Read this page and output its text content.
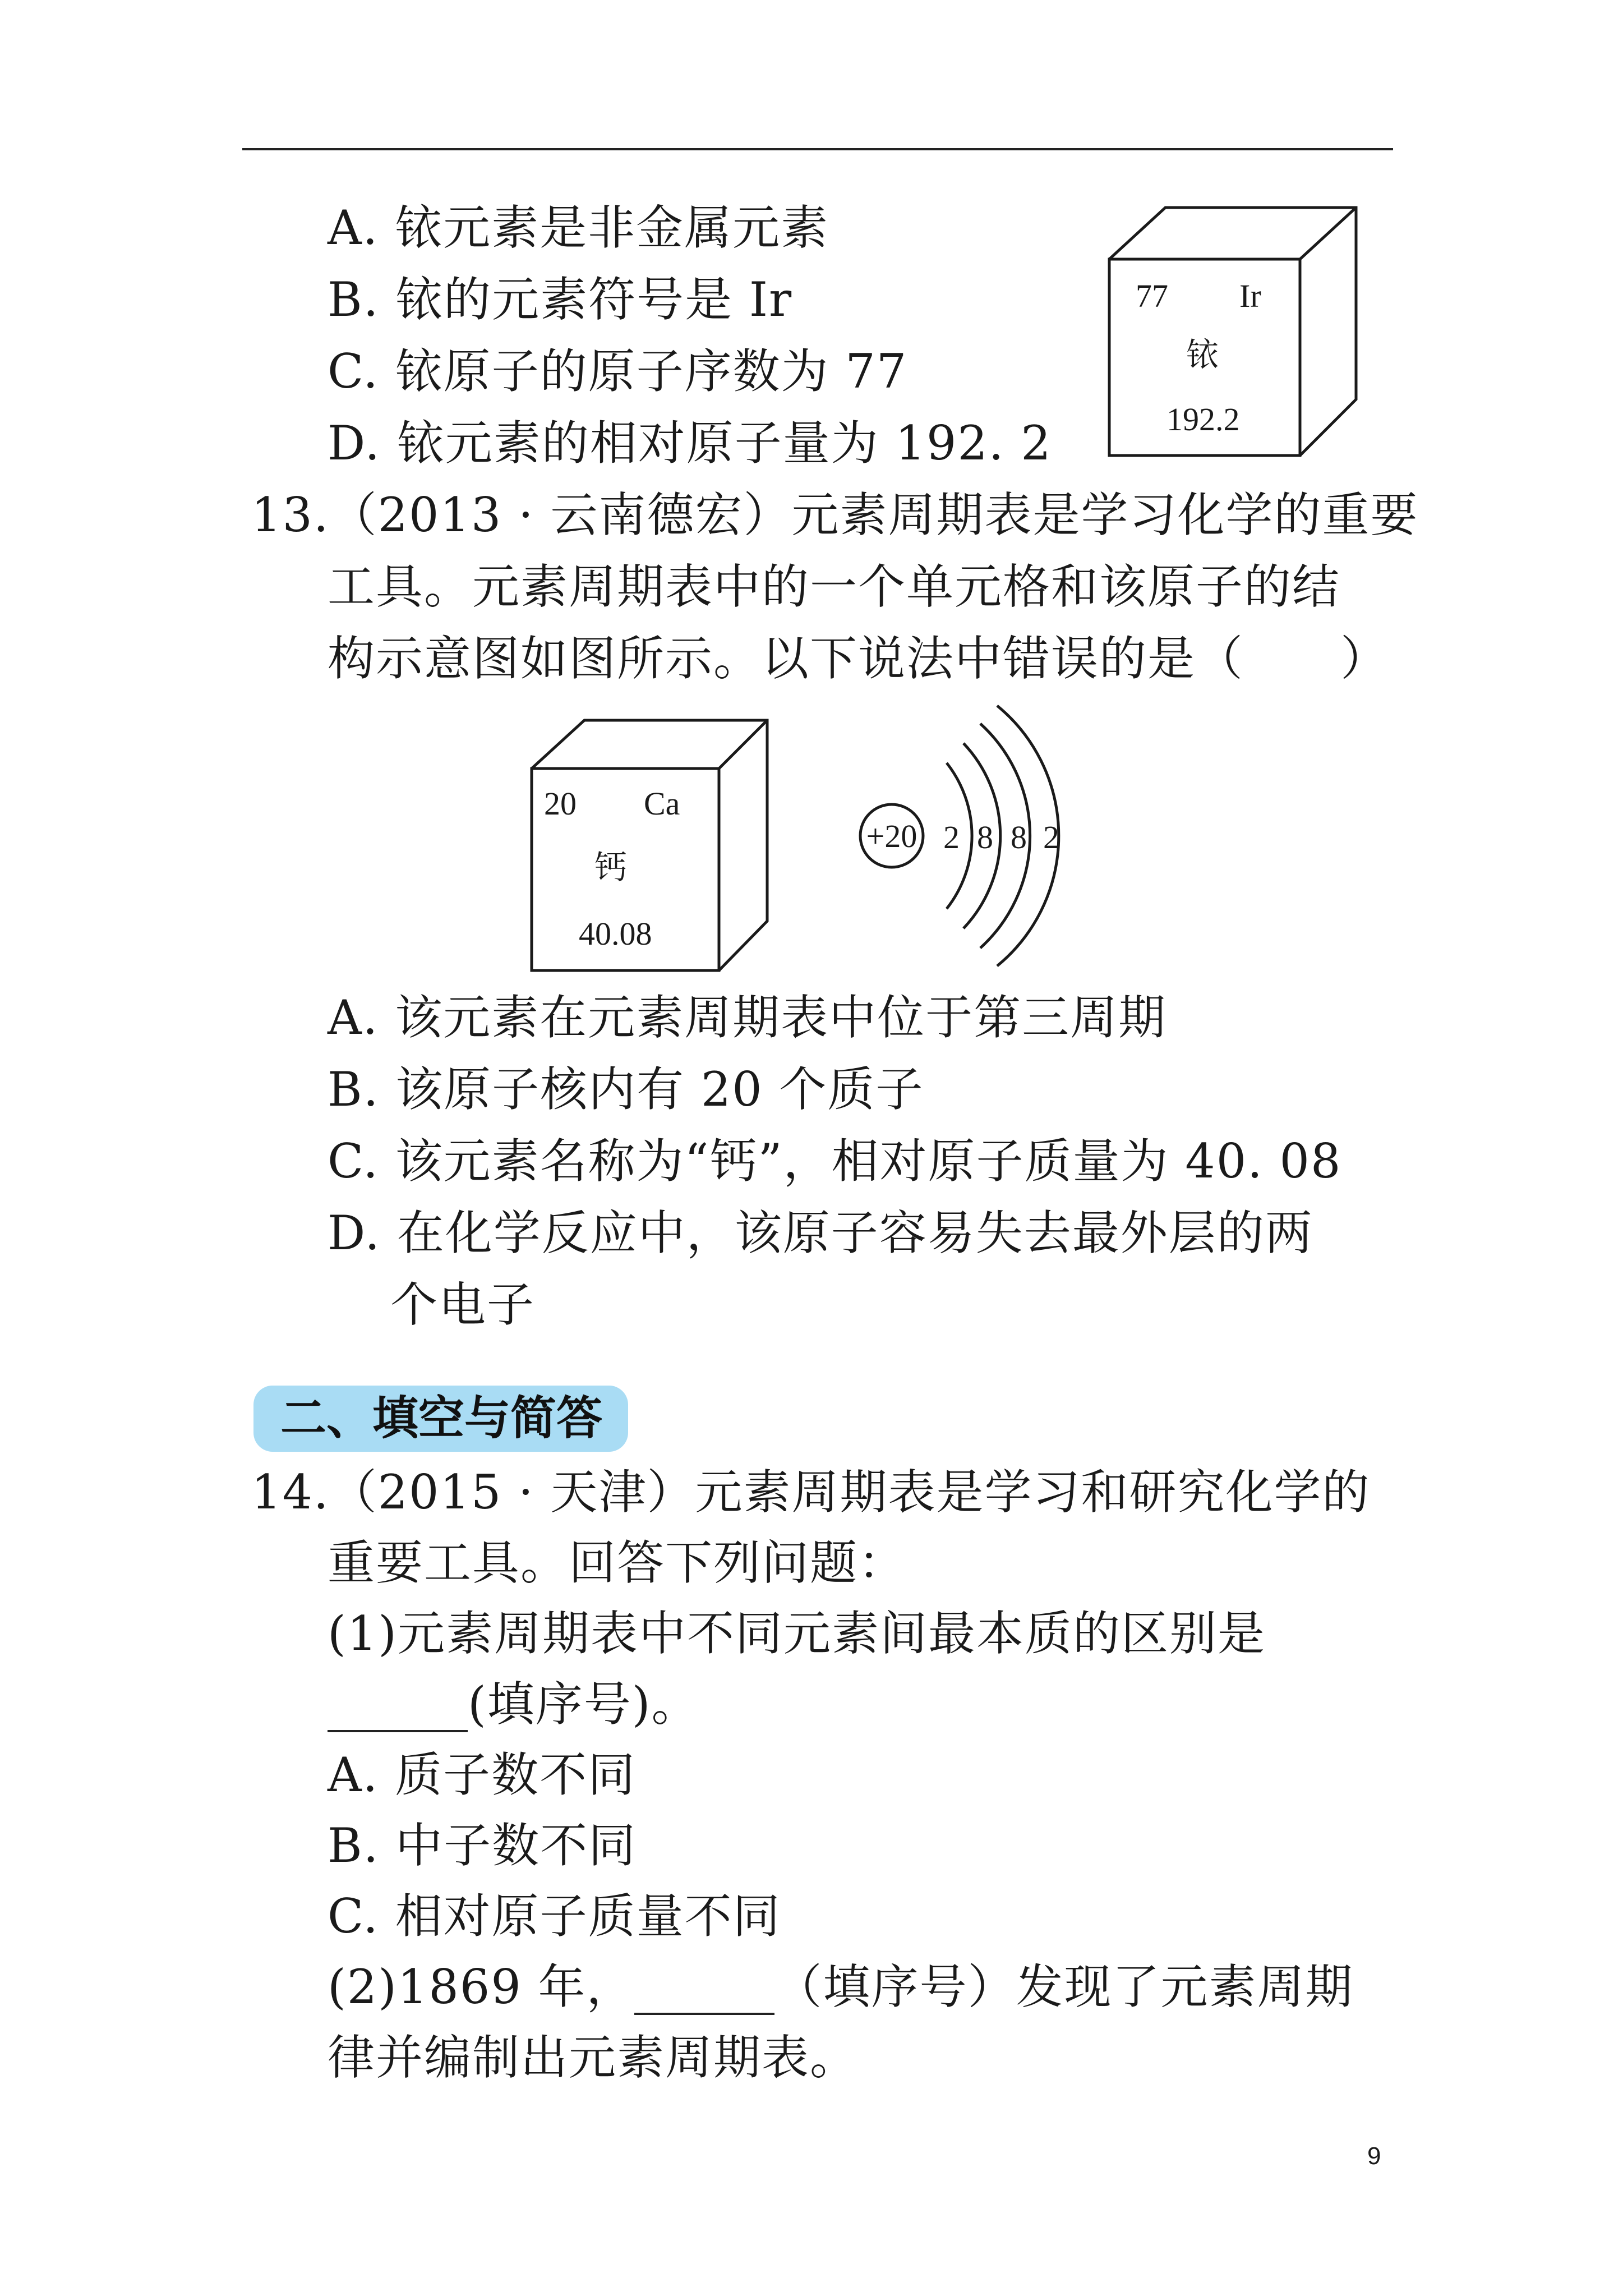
A. 铱元素是非金属元素
B. 铱的元素符号是 Ir
C. 铱原子的原子序数为 77
D. 铱元素的相对原子量为 192. 2
77 Ir
铱
192.2
13.（2013 · 云南德宏）元素周期表是学习化学的重要
工具。元素周期表中的一个单元格和该原子的结
构示意图如图所示。以下说法中错误的是（　　）
20 Ca
钙
40.08
+20 2 8 8 2
A. 该元素在元素周期表中位于第三周期
B. 该原子核内有 20 个质子
C. 该元素名称为“钙”，相对原子质量为 40. 08
D. 在化学反应中，该原子容易失去最外层的两
个电子
二、填空与简答
14.（2015 · 天津）元素周期表是学习和研究化学的
重要工具。回答下列问题：
(1)元素周期表中不同元素间最本质的区别是
(填序号)。
A. 质子数不同
B. 中子数不同
C. 相对原子质量不同
(2)1869 年，	（填序号）发现了元素周期
律并编制出元素周期表。
9
